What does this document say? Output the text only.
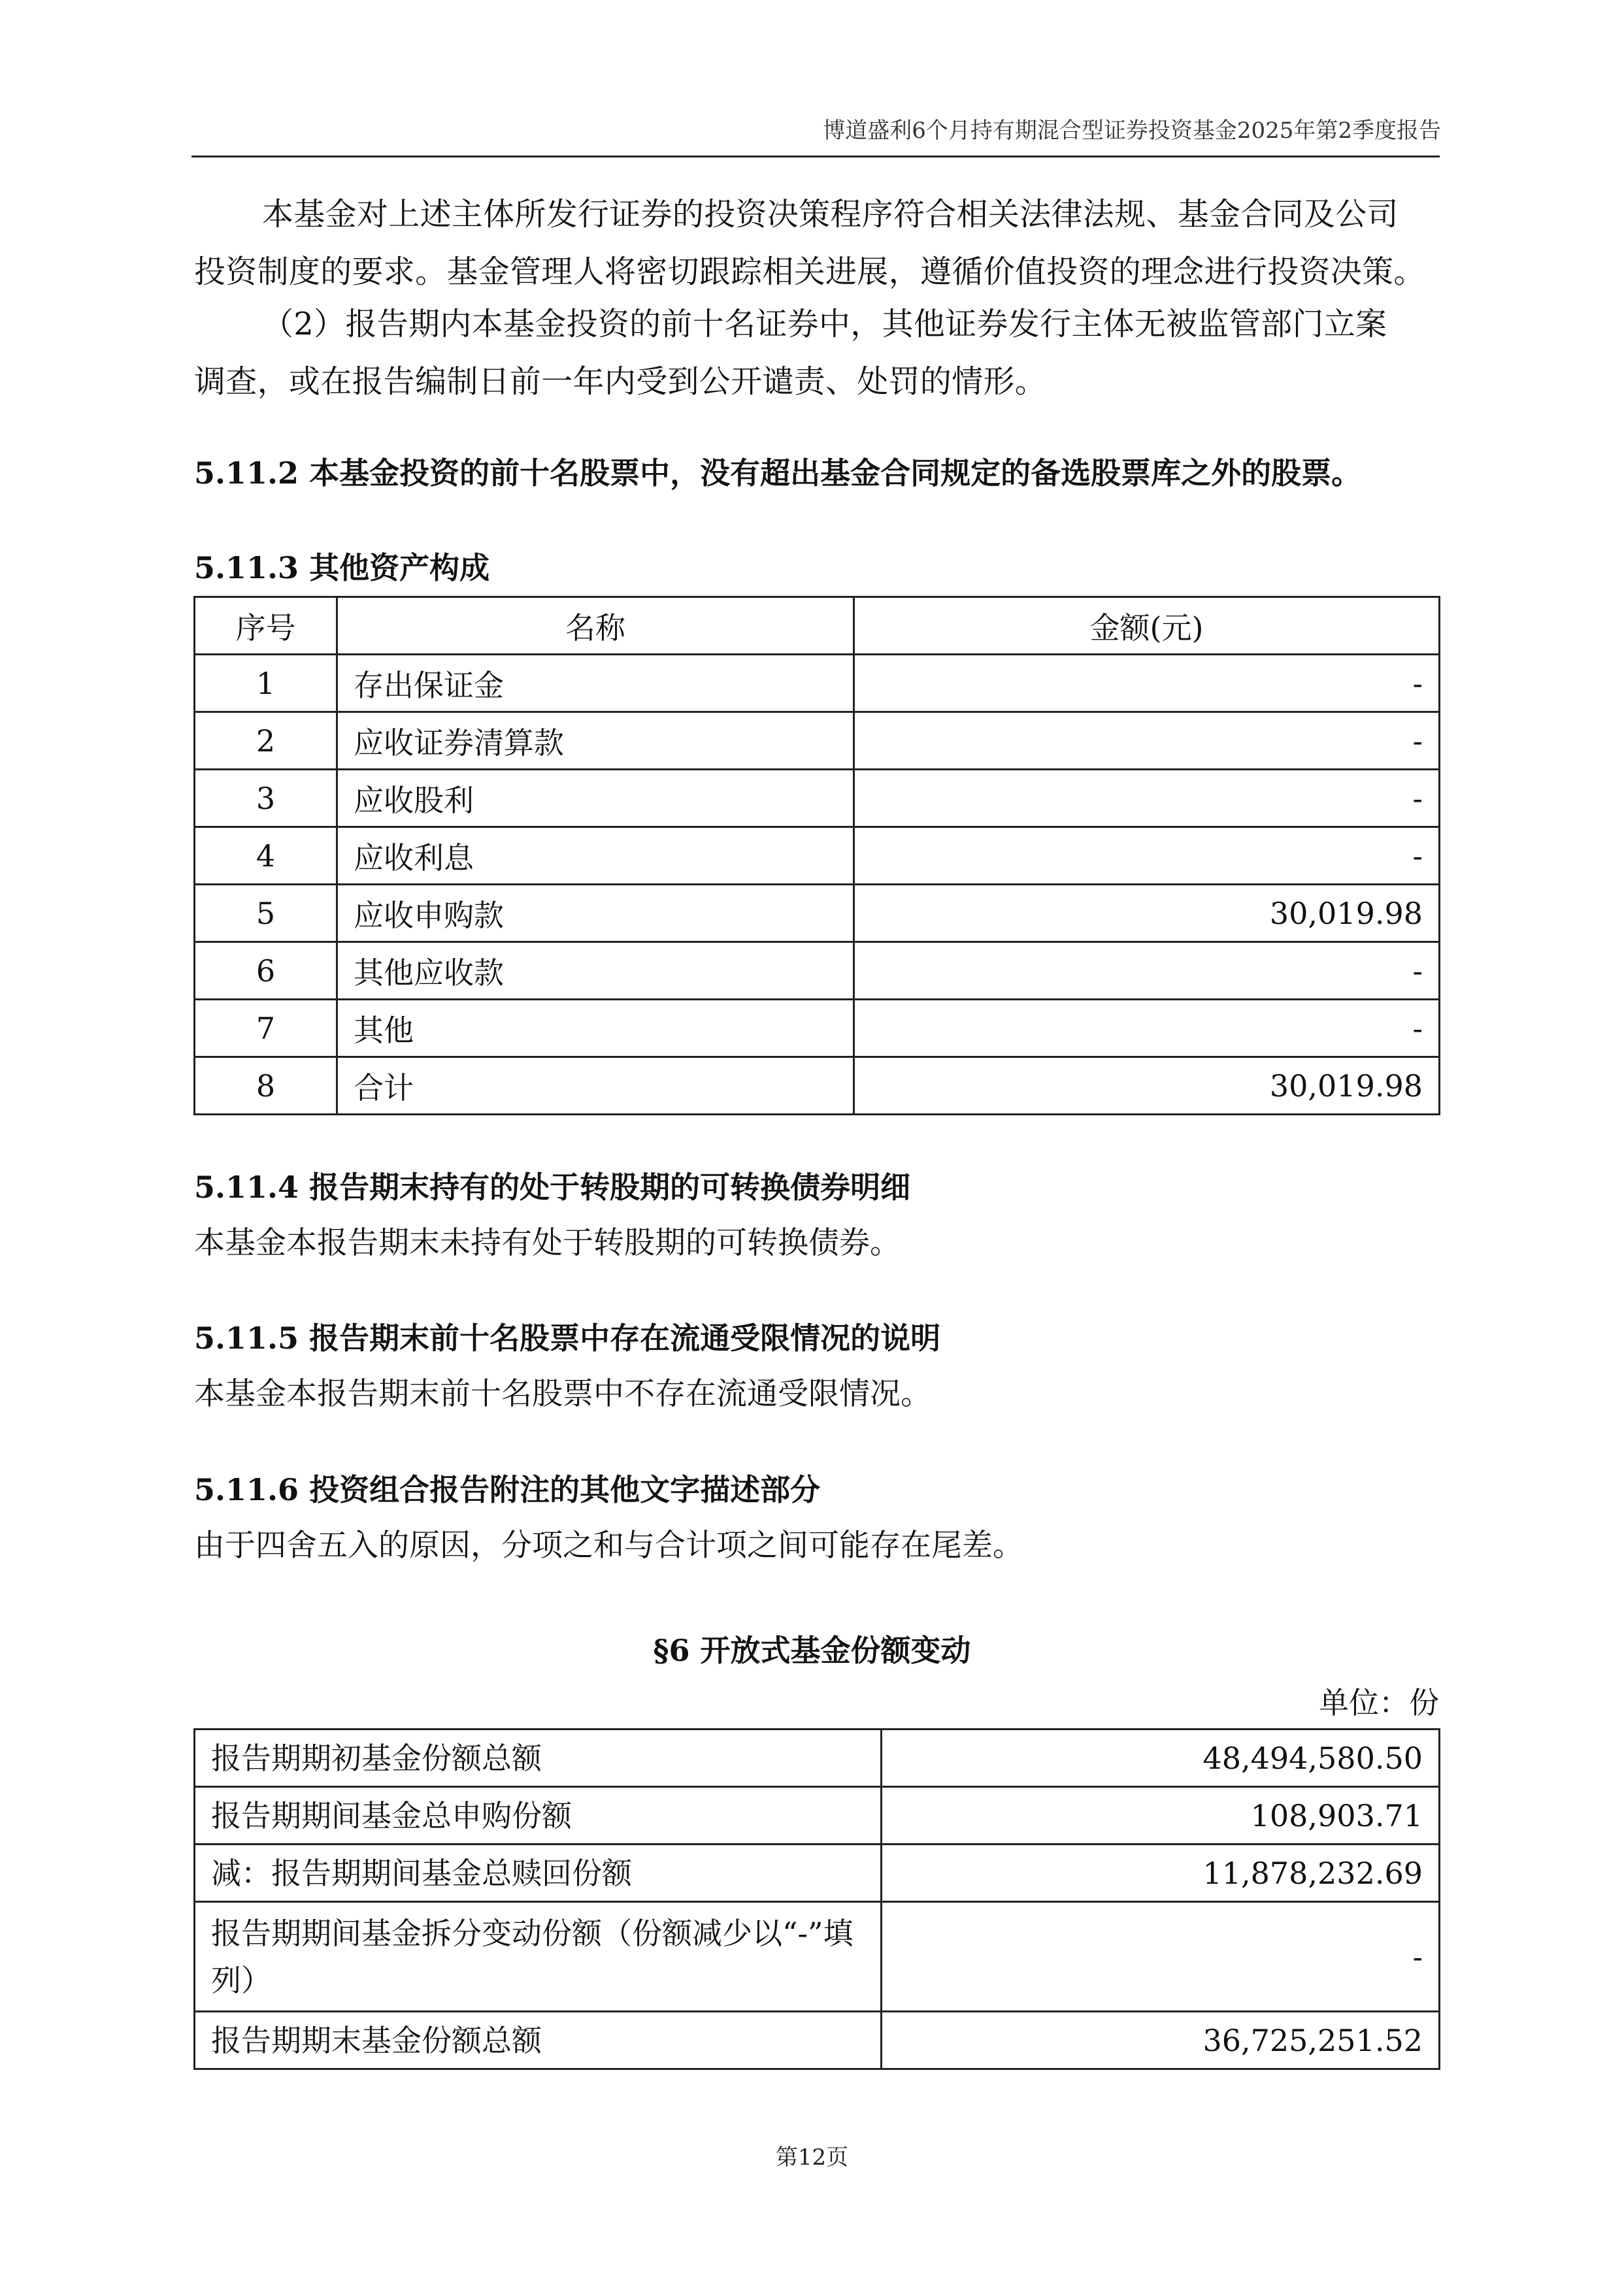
博道盛利6个月持有期混合型证券投资基金2025年第2季度报告
本基金对上述主体所发行证券的投资决策程序符合相关法律法规、基金合同及公司
投资制度的要求。基金管理人将密切跟踪相关进展，遵循价值投资的理念进行投资决策。
（2）报告期内本基金投资的前十名证券中，其他证券发行主体无被监管部门立案
调查，或在报告编制日前一年内受到公开谴责、处罚的情形。
5.11.2 本基金投资的前十名股票中，没有超出基金合同规定的备选股票库之外的股票。
5.11.3 其他资产构成
序号	名称	金额(元)
1	存出保证金	-
2	应收证券清算款	-
3	应收股利	-
4	应收利息	-
5	应收申购款	30,019.98
6	其他应收款	-
7	其他	-
8	合计	30,019.98
5.11.4 报告期末持有的处于转股期的可转换债券明细
本基金本报告期末未持有处于转股期的可转换债券。
5.11.5 报告期末前十名股票中存在流通受限情况的说明
本基金本报告期末前十名股票中不存在流通受限情况。
5.11.6 投资组合报告附注的其他文字描述部分
由于四舍五入的原因，分项之和与合计项之间可能存在尾差。
§6 开放式基金份额变动
单位：份
报告期期初基金份额总额	48,494,580.50
报告期期间基金总申购份额	108,903.71
减：报告期期间基金总赎回份额	11,878,232.69
报告期期间基金拆分变动份额（份额减少以“-”填列）	-
报告期期末基金份额总额	36,725,251.52
第12页
